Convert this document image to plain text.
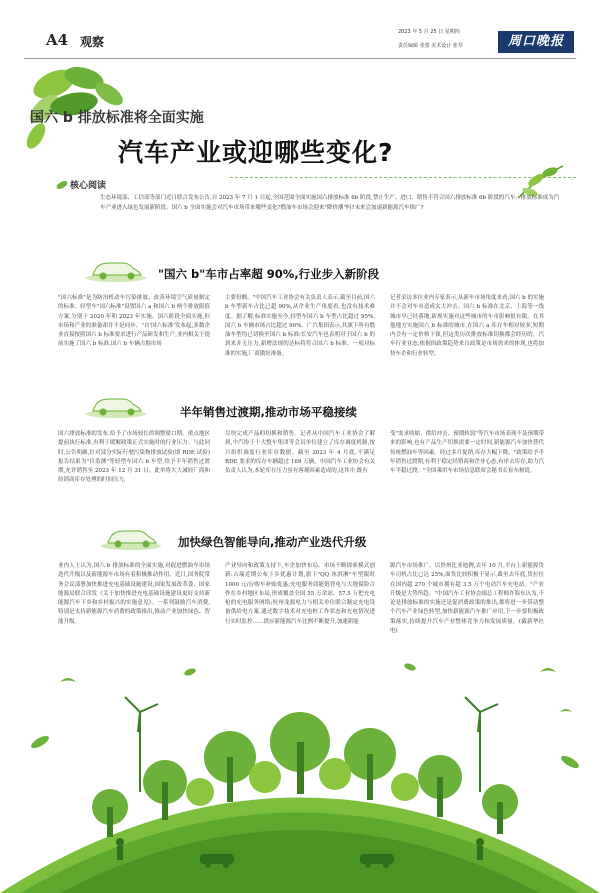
A4 观察
2023 年 5 月 25 日 星期四
责任编辑 张蕾 美术设计 张琴	周口晚报
国六 b 排放标准将全面实施
汽车产业或迎哪些变化?
核心阅读
生态环境部、工信部等部门近日联合发布公告,自 2023 年 7 月 1 日起,全国范围全面实施国六排放标准 6b 阶段,禁止生产、进口、销售不符合国六排放标准 6b 阶段的汽车。排放标准成为汽车产业进入绿色发展新阶段。国六 b 全面实施会对汽车市场带来哪些变化?燃油车市场会迎来"降价潮"吗?未来会加速新能源汽车推广?
"国六 b"车市占率超 90%,行业步入新阶段
"国六标准"是为防治机动车污染排放、改善环境空气质量制定的标准。轻型车"国六标准"设置国六 a 和国六 b 两个排放限值方案,分别于 2020 年和 2023 年实施。国六阶段全面实施,但市场和产业的准备却并不是同步。"自'国六标准'发布起,多数企业直接按照国六 b 标准要求进行产品研发和生产,业内相关于提前实施了国六 b 标准,国六 b 车辆占据市场
主要份额。"中国汽车工业协会有关负责人表示,截至目前,国六 b 车型新车占比已超 90%,从企业生产角度看,也没有技术难度。据了解,标准实施至今,轻型车国六 b 车型占比超过 95%,国六 b 车辆市场占比超过 90%。广汽集团表示,其旗下所有燃油车型均已切换至国六 b 标准;长安汽车也表明对于国六 b 的到来并无压力,新增法规的达标将符合国六 b 标准。一项对标准的实施,厂商做好准备。
记者采访多位业内专家表示,从新车市场角度来看,国六 b 的实施并不会对车市造成太大冲击。国六 b 标准在北京、上海等一线城市早已经落地,新规实施对这些城市的车市影响很有限。在其他地方实施国六 b 标准的城市,在国六 a 库存车相对较多,短期内会有一定价格下探,但这类历次排放标准切换都会经历的。汽车行业业态,依据的政策趋势来自政策是市场需求的体现,也将加快车企和行业转型。
半年销售过渡期,推动市场平稳接续
国六排放标准的发布,给予了市场较长的调整窗口期。重点地区提前执行标准,有利于缓解政策正式实施时的行业压力。与此同时,公告明确,针对部分实际行驶污染物排放试验(即 RDE 试验)报告结果为"仅监测"等轻型车国六 b 车型,给予半年销售过渡期,允许销售至 2023 年 12 月 31 日。此举将大大减轻厂商和经销商库存处理的时间压力,
尽快完成产品的切换和销售。记者从中国汽车工业协会了解到,中汽协于十大整车集团等会员单位建立了库存调度机制,按月组织调度行业库存数据。截至 2023 年 4 月底,不满足 RDE 要求的库存车辆超过 169 万辆。中国汽车工业协会有关负责人认为,本轮库存压力虽有客观因素造成的,这其中,既有
受"需求收缩、供给冲击、预期转弱"等汽车市场表现不及预期带来的影响,也有产品生产切换需要一定时间,新能源汽车加快替代传统燃油车等因素。经过多月促销,库存大幅下降。"政策给予半年销售过渡期,有利于稳定经销商和企业心态,有序去库存,助力汽车平稳过渡。"全国乘用车市场信息联席会秘书长崔东树说。
加快绿色智能导向,推动产业迭代升级
业内人士认为,国六 b 排放标准的全面实施,对促进燃油车市场迭代升级以及新能源车市场有着积极推动作用。近日,国务院常务会议部署加快推进充电基础设施建设,国家发展改革委、国家能源局联合印发《关于加快推进充电基础设施建设更好支持新能源汽车下乡和乡村振兴的实施意见》。一系列鼓励汽车消费,特别是支持新能源汽车消费的政策推出,推动产业加快绿色、智能升级。
产业导向和政策支持下,车企加快布局。市场不断探索模式创新:吉瑞近期公布下乡优惠计划,旗下"QQ 冰淇淋"车型限时 1000 元/台购车补贴优惠;充电服务商能链智电与大地保险合作在乡村地区布局,形成覆盖全国 55 万余站、57.5 万把充电枪的充电服务网络;杭州龙源电力与相关单位联合制定充电设备供给电方案,通过数字技术对充电桩工作状态和充电情况进行实时监控……供应新能源汽车比例不断提升,加速新能
源汽车市场推广。以贵州比亚迪例,去年 10 月,平台上新能源货车司机占比已达 25%,面货比较积极于显示,截至去年底,货拉拉在国内超 270 个城市拥有超 3.5 万个电动汽车充电站。"产业升级是大势所趋。"中国汽车工业协会副总工程师许海东认为,不论是排放标准的实施还是促消费政策的推出,都将进一步带动整个汽车产业绿色转型,加快新能源汽车推广应用,下一步要积极政策落实,持续提升汽车产业整体竞争力和发展质量。(截新华社电)
